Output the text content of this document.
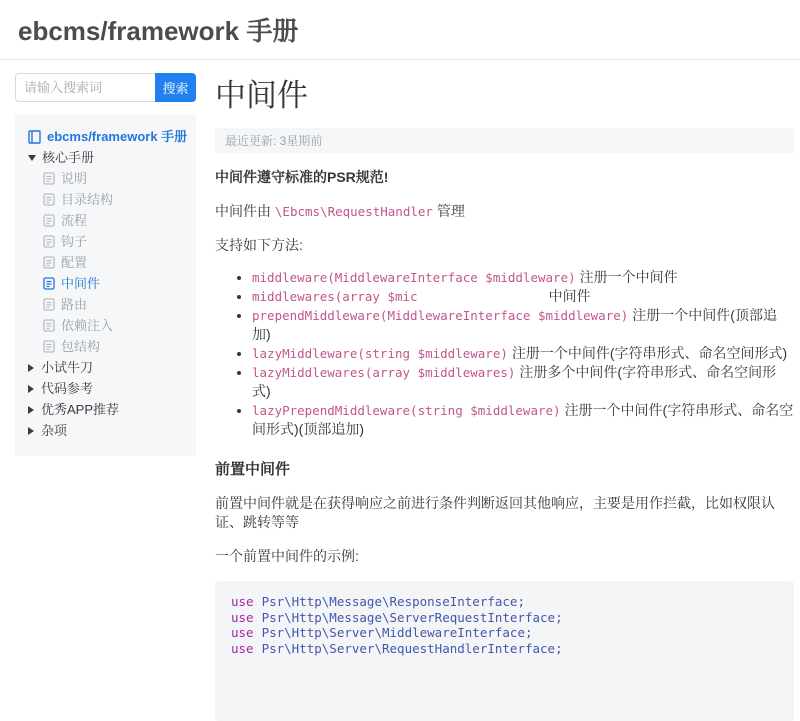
ebcms/framework 手册
请输入搜索词
搜索
ebcms/framework 手册
核心手册
说明
目录结构
流程
钩子
配置
中间件
路由
依赖注入
包结构
小试牛刀
代码参考
优秀APP推荐
杂项
中间件
最近更新: 3星期前

中间件遵守标准的PSR规范!

中间件由 \Ebcms\RequestHandler 管理

支持如下方法:

• middleware(MiddlewareInterface $middleware) 注册一个中间件
• middlewares(array $mic	中间件
• prependMiddleware(MiddlewareInterface $middleware) 注册一个中间件(顶部追加)
• lazyMiddleware(string $middleware) 注册一个中间件(字符串形式、命名空间形式)
• lazyMiddlewares(array $middlewares) 注册多个中间件(字符串形式、命名空间形式)
• lazyPrependMiddleware(string $middleware) 注册一个中间件(字符串形式、命名空间形式)(顶部追加)
前置中间件

前置中间件就是在获得响应之前进行条件判断返回其他响应，主要是用作拦截，比如权限认证、跳转等等

一个前置中间件的示例:

use Psr\Http\Message\ResponseInterface;
use Psr\Http\Message\ServerRequestInterface;
use Psr\Http\Server\MiddlewareInterface;
use Psr\Http\Server\RequestHandlerInterface;
